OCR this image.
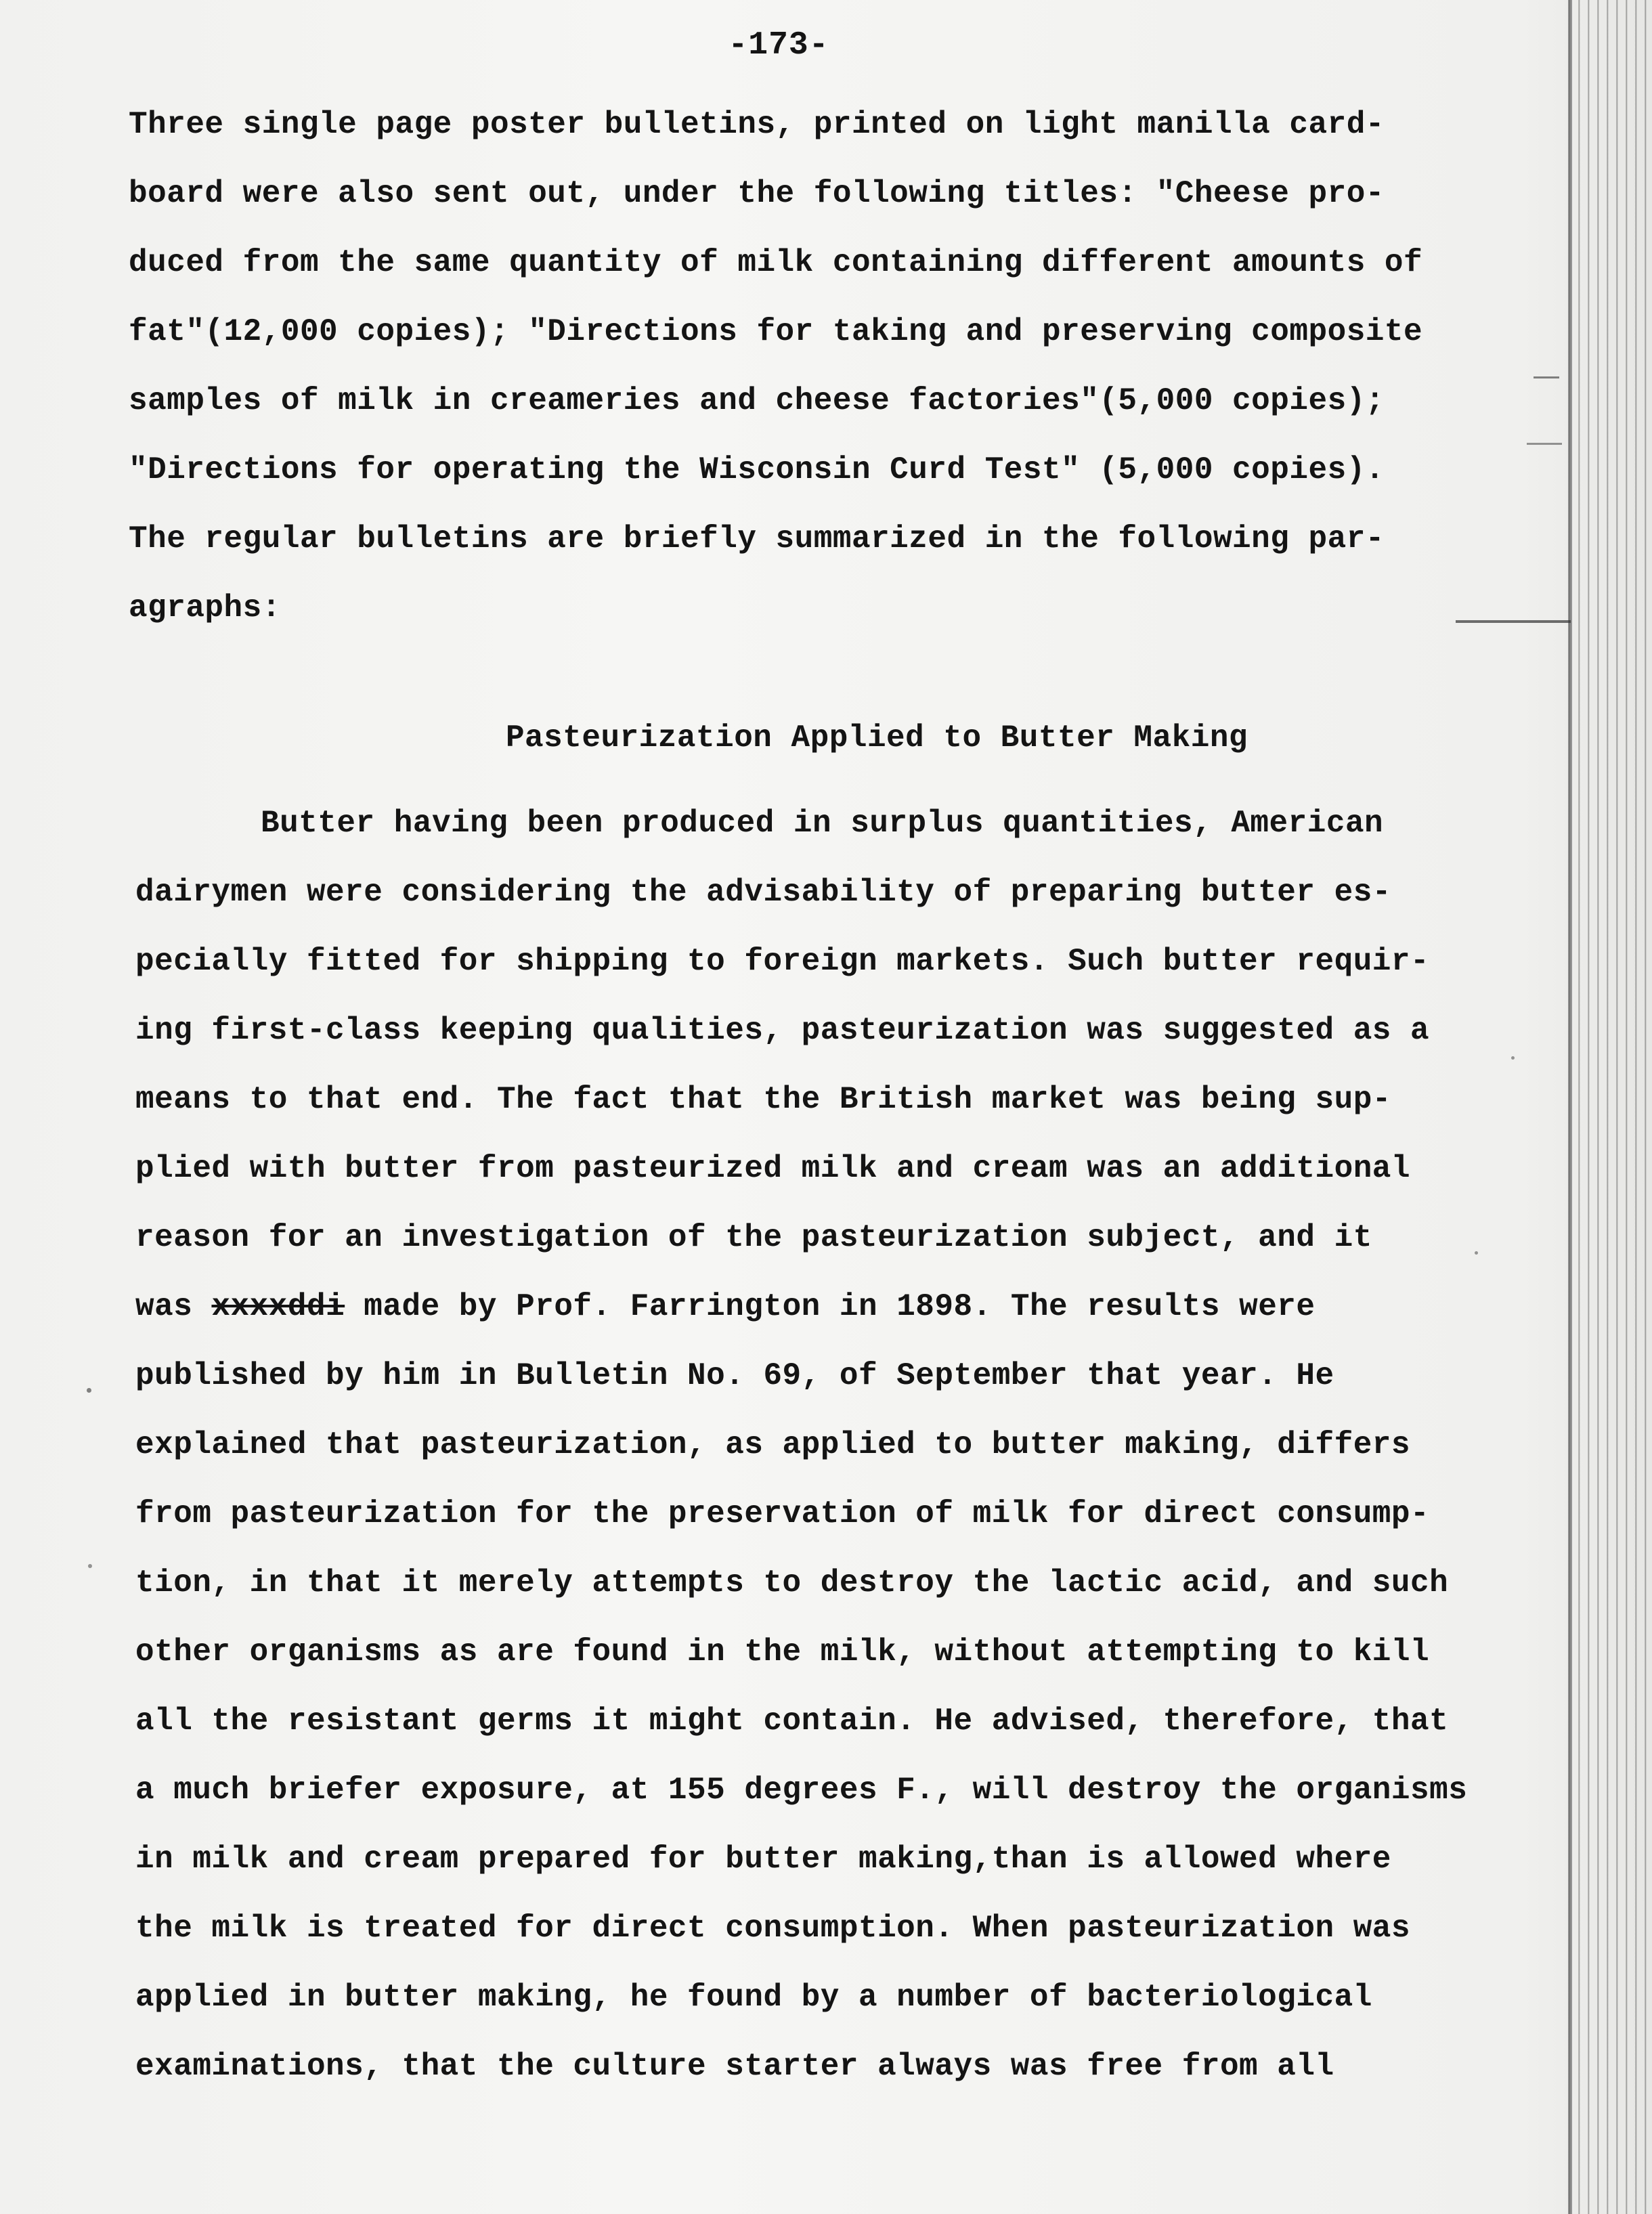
-173-
Three single page poster bulletins, printed on light manilla card-
board were also sent out, under the following titles: "Cheese pro-
duced from the same quantity of milk containing different amounts of
fat"(12,000 copies); "Directions for taking and preserving composite
samples of milk in creameries and cheese factories"(5,000 copies);
"Directions for operating the Wisconsin Curd Test" (5,000 copies).
The regular bulletins are briefly summarized in the following par-
agraphs:
Pasteurization Applied to Butter Making
Butter having been produced in surplus quantities, American
dairymen were considering the advisability of preparing butter es-
pecially fitted for shipping to foreign markets. Such butter requir-
ing first-class keeping qualities, pasteurization was suggested as a
means to that end. The fact that the British market was being sup-
plied with butter from pasteurized milk and cream was an additional
reason for an investigation of the pasteurization subject, and it
was xxxxddi made by Prof. Farrington in 1898. The results were
published by him in Bulletin No. 69, of September that year. He
explained that pasteurization, as applied to butter making, differs
from pasteurization for the preservation of milk for direct consump-
tion, in that it merely attempts to destroy the lactic acid, and such
other organisms as are found in the milk, without attempting to kill
all the resistant germs it might contain. He advised, therefore, that
a much briefer exposure, at 155 degrees F., will destroy the organisms
in milk and cream prepared for butter making,than is allowed where
the milk is treated for direct consumption. When pasteurization was
applied in butter making, he found by a number of bacteriological
examinations, that the culture starter always was free from all
